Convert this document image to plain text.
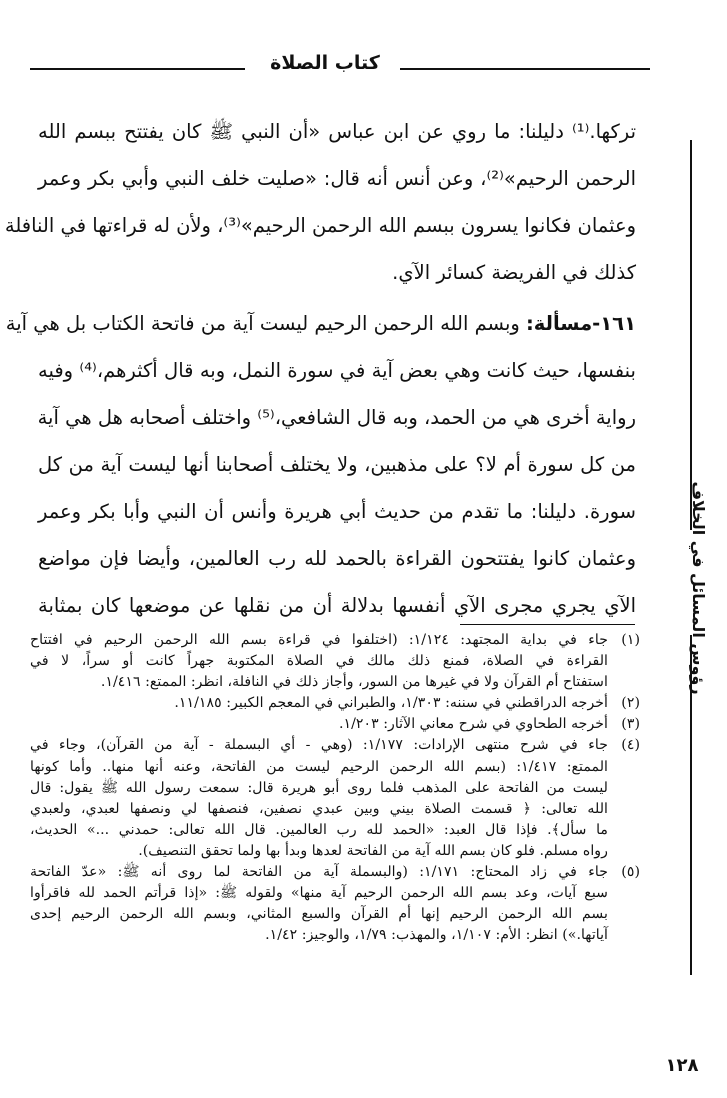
كتاب الصلاة
رؤوس المسائل في الخلاف
تركها.⁽¹⁾ دليلنا: ما روي عن ابن عباس «أن النبي ﷺ كان يفتتح ببسم الله
الرحمن الرحيم»⁽²⁾، وعن أنس أنه قال: «صليت خلف النبي وأبي بكر وعمر
وعثمان فكانوا يسرون ببسم الله الرحمن الرحيم»⁽³⁾، ولأن له قراءتها في النافلة
كذلك في الفريضة كسائر الآي.
١٦١-مسألة: وبسم الله الرحمن الرحيم ليست آية من فاتحة الكتاب بل هي آية
بنفسها، حيث كانت وهي بعض آية في سورة النمل، وبه قال أكثرهم،⁽⁴⁾ وفيه
رواية أخرى هي من الحمد، وبه قال الشافعي،⁽⁵⁾ واختلف أصحابه هل هي آية
من كل سورة أم لا؟ على مذهبين، ولا يختلف أصحابنا أنها ليست آية من كل
سورة. دليلنا: ما تقدم من حديث أبي هريرة وأنس أن النبي وأبا بكر وعمر
وعثمان كانوا يفتتحون القراءة بالحمد لله رب العالمين، وأيضا فإن مواضع
الآي يجري مجرى الآي أنفسها بدلالة أن من نقلها عن موضعها كان بمثابة
(١)جاء في بداية المجتهد: ١/١٢٤: (اختلفوا في قراءة بسم الله الرحمن الرحيم في افتتاح
القراءة في الصلاة، فمنع ذلك مالك في الصلاة المكتوبة جهراً كانت أو سراً، لا في
استفتاح أم القرآن ولا في غيرها من السور، وأجاز ذلك في النافلة، انظر: الممتع: ١/٤١٦.
(٢)أخرجه الدراقطني في سننه: ١/٣٠٣، والطبراني في المعجم الكبير: ١١/١٨٥.
(٣)أخرجه الطحاوي في شرح معاني الآثار: ١/٢٠٣.
(٤)جاء في شرح منتهى الإرادات: ١/١٧٧: (وهي - أي البسملة - آية من القرآن)، وجاء في
الممتع: ١/٤١٧: (بسم الله الرحمن الرحيم ليست من الفاتحة، وعنه أنها منها.. وأما كونها
ليست من الفاتحة على المذهب فلما روى أبو هريرة قال: سمعت رسول الله ﷺ يقول: قال
الله تعالى: ﴿ قسمت الصلاة بيني وبين عبدي نصفين، فنصفها لي ونصفها لعبدي، ولعبدي
ما سأل﴾. فإذا قال العبد: «الحمد لله رب العالمين. قال الله تعالى: حمدني ...» الحديث،
رواه مسلم. فلو كان بسم الله آية من الفاتحة لعدها وبدأ بها ولما تحقق التنصيف).
(٥)جاء في زاد المحتاج: ١/١٧١: (والبسملة آية من الفاتحة لما روى أنه ﷺ: «عدّ الفاتحة
سبع آيات، وعد بسم الله الرحمن الرحيم آية منها» ولقوله ﷺ: «إذا قرأتم الحمد لله فاقرأوا
بسم الله الرحمن الرحيم إنها أم القرآن والسبع المثاني، وبسم الله الرحمن الرحيم إحدى
آياتها.») انظر: الأم: ١/١٠٧، والمهذب: ١/٧٩، والوجيز: ١/٤٢.
١٢٨
